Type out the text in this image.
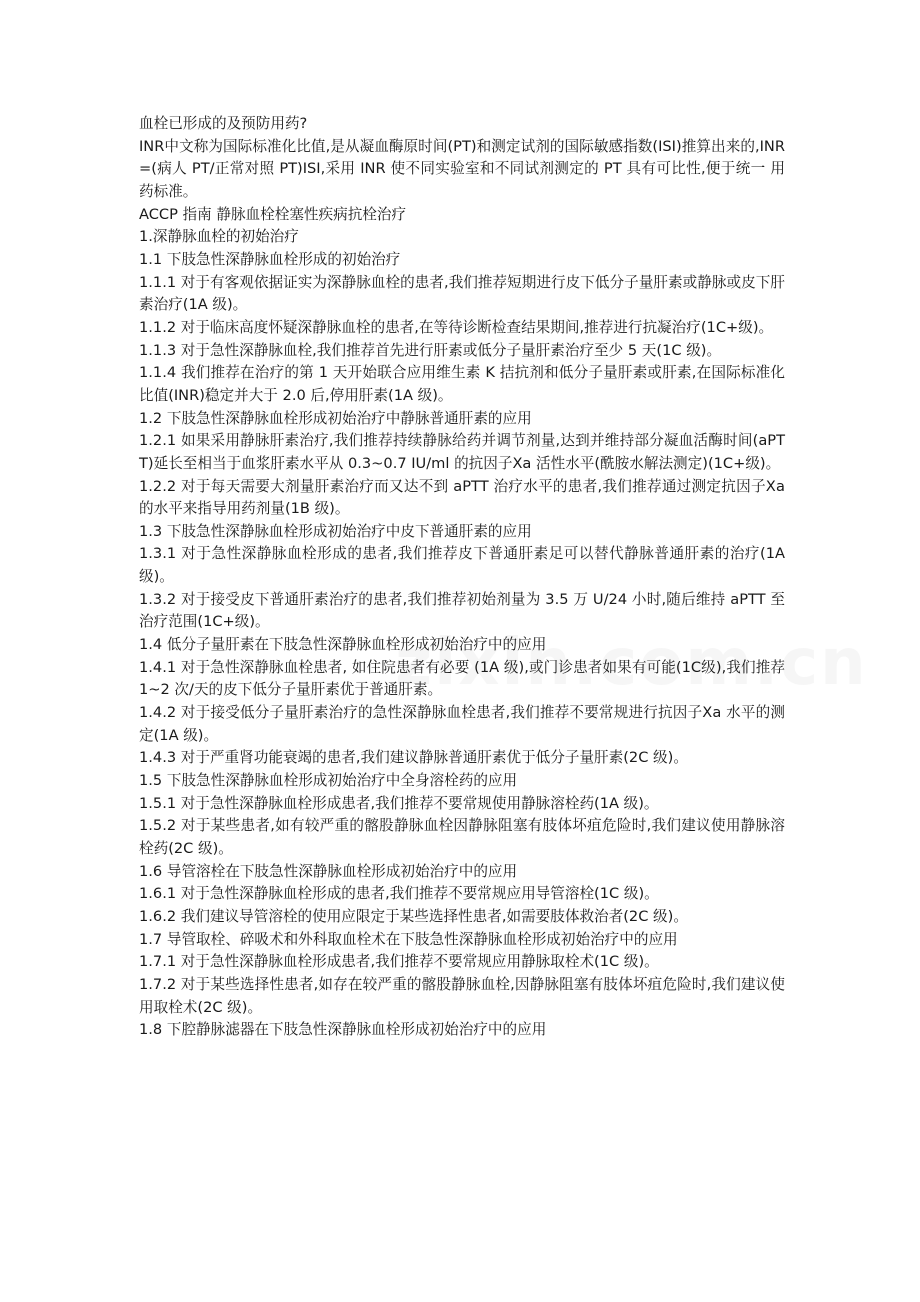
血栓已形成的及预防用药?

INR中文称为国际标准化比值,是从凝血酶原时间(PT)和测定试剂的国际敏感指数(ISI)推算出来的,INR=(病人 PT/正常对照 PT)ISI,采用 INR 使不同实验室和不同试剂测定的 PT 具有可比性,便于统一 用药标准。

ACCP 指南 静脉血栓栓塞性疾病抗栓治疗

1.深静脉血栓的初始治疗

1.1 下肢急性深静脉血栓形成的初始治疗

1.1.1 对于有客观依据证实为深静脉血栓的患者,我们推荐短期进行皮下低分子量肝素或静脉或皮下肝素治疗(1A 级)。

1.1.2 对于临床高度怀疑深静脉血栓的患者,在等待诊断检查结果期间,推荐进行抗凝治疗(1C+级)。

1.1.3 对于急性深静脉血栓,我们推荐首先进行肝素或低分子量肝素治疗至少 5 天(1C 级)。

1.1.4 我们推荐在治疗的第 1 天开始联合应用维生素 K 拮抗剂和低分子量肝素或肝素,在国际标准化比值(INR)稳定并大于 2.0 后,停用肝素(1A 级)。

1.2 下肢急性深静脉血栓形成初始治疗中静脉普通肝素的应用

1.2.1 如果采用静脉肝素治疗,我们推荐持续静脉给药并调节剂量,达到并维持部分凝血活酶时间(aPTT)延长至相当于血浆肝素水平从 0.3~0.7 IU/ml 的抗因子Ⅹa 活性水平(酰胺水解法测定)(1C+级)。

1.2.2 对于每天需要大剂量肝素治疗而又达不到 aPTT 治疗水平的患者,我们推荐通过测定抗因子Ⅹa 的水平来指导用药剂量(1B 级)。

1.3 下肢急性深静脉血栓形成初始治疗中皮下普通肝素的应用

1.3.1 对于急性深静脉血栓形成的患者,我们推荐皮下普通肝素足可以替代静脉普通肝素的治疗(1A 级)。

1.3.2 对于接受皮下普通肝素治疗的患者,我们推荐初始剂量为 3.5 万 U/24 小时,随后维持 aPTT 至治疗范围(1C+级)。

1.4 低分子量肝素在下肢急性深静脉血栓形成初始治疗中的应用

1.4.1 对于急性深静脉血栓患者, 如住院患者有必要 (1A 级),或门诊患者如果有可能(1C级),我们推荐 1~2 次/天的皮下低分子量肝素优于普通肝素。

1.4.2 对于接受低分子量肝素治疗的急性深静脉血栓患者,我们推荐不要常规进行抗因子Ⅹa 水平的测定(1A 级)。

1.4.3 对于严重肾功能衰竭的患者,我们建议静脉普通肝素优于低分子量肝素(2C 级)。

1.5 下肢急性深静脉血栓形成初始治疗中全身溶栓药的应用

1.5.1 对于急性深静脉血栓形成患者,我们推荐不要常规使用静脉溶栓药(1A 级)。

1.5.2 对于某些患者,如有较严重的髂股静脉血栓因静脉阻塞有肢体坏疽危险时,我们建议使用静脉溶栓药(2C 级)。

1.6 导管溶栓在下肢急性深静脉血栓形成初始治疗中的应用

1.6.1 对于急性深静脉血栓形成的患者,我们推荐不要常规应用导管溶栓(1C 级)。

1.6.2 我们建议导管溶栓的使用应限定于某些选择性患者,如需要肢体救治者(2C 级)。

1.7 导管取栓、碎吸术和外科取血栓术在下肢急性深静脉血栓形成初始治疗中的应用

1.7.1 对于急性深静脉血栓形成患者,我们推荐不要常规应用静脉取栓术(1C 级)。

1.7.2 对于某些选择性患者,如存在较严重的髂股静脉血栓,因静脉阻塞有肢体坏疽危险时,我们建议使用取栓术(2C 级)。

1.8 下腔静脉滤器在下肢急性深静脉血栓形成初始治疗中的应用
